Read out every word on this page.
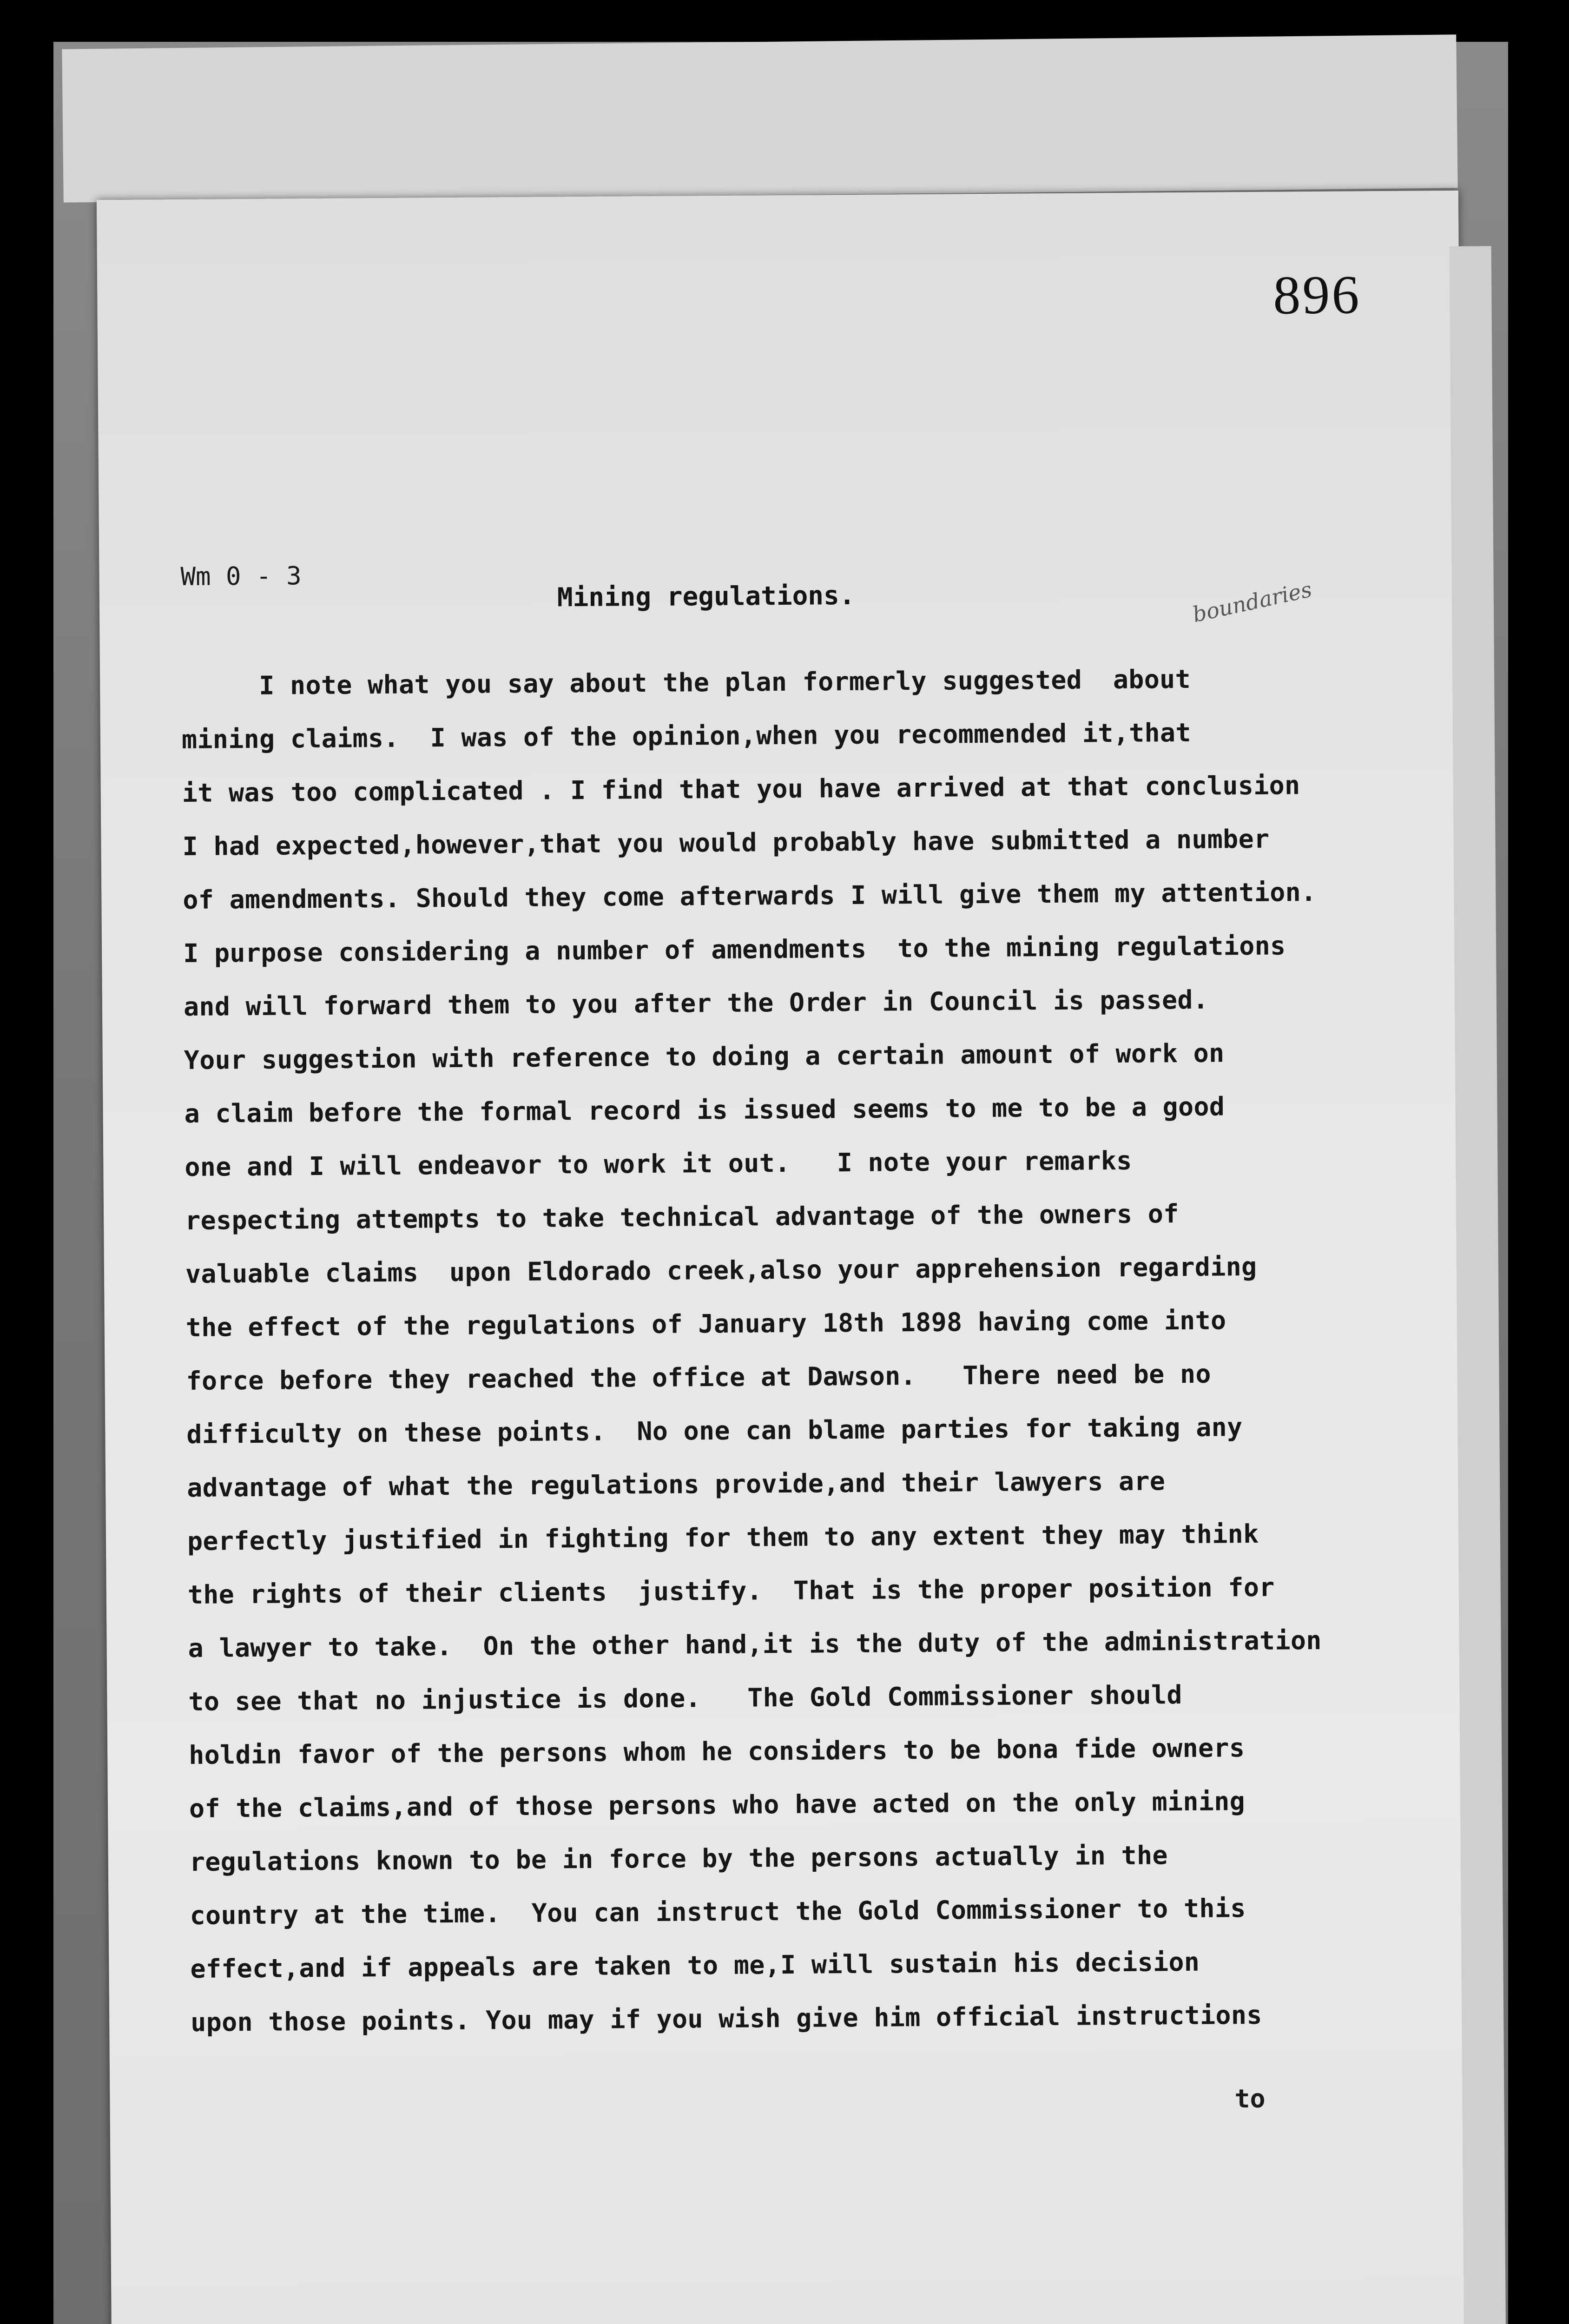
896
Wm 0 - 3
Mining regulations.	boundaries
I note what you say about the plan formerly suggested  about
mining claims.  I was of the opinion,when you recommended it,that
it was too complicated . I find that you have arrived at that conclusion
I had expected,however,that you would probably have submitted a number
of amendments. Should they come afterwards I will give them my attention.
I purpose considering a number of amendments  to the mining regulations
and will forward them to you after the Order in Council is passed.
Your suggestion with reference to doing a certain amount of work on
a claim before the formal record is issued seems to me to be a good
one and I will endeavor to work it out.   I note your remarks
respecting attempts to take technical advantage of the owners of
valuable claims  upon Eldorado creek,also your apprehension regarding
the effect of the regulations of January 18th 1898 having come into
force before they reached the office at Dawson.   There need be no
difficulty on these points.  No one can blame parties for taking any
advantage of what the regulations provide,and their lawyers are
perfectly justified in fighting for them to any extent they may think
the rights of their clients  justify.  That is the proper position for
a lawyer to take.  On the other hand,it is the duty of the administration
to see that no injustice is done.   The Gold Commissioner should
holdin favor of the persons whom he considers to be bona fide owners
of the claims,and of those persons who have acted on the only mining
regulations known to be in force by the persons actually in the
country at the time.  You can instruct the Gold Commissioner to this
effect,and if appeals are taken to me,I will sustain his decision
upon those points. You may if you wish give him official instructions
to
